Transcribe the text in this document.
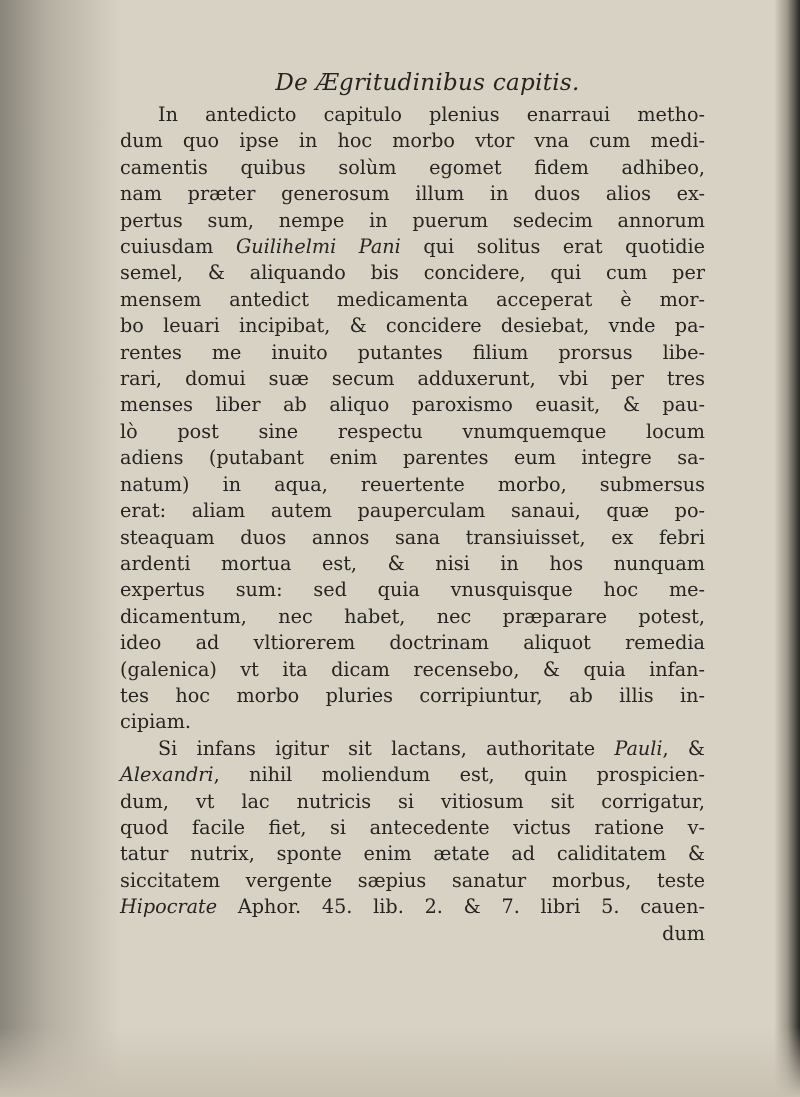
De Ægritudinibus capitis.
In antedicto capitulo plenius enarraui metho-
dum quo ipse in hoc morbo vtor vna cum medi-
camentis quibus solùm egomet fidem adhibeo,
nam præter generosum illum in duos alios ex-
pertus sum, nempe in puerum sedecim annorum
cuiusdam Guilihelmi Pani qui solitus erat quotidie
semel, & aliquando bis concidere, qui cum per
mensem antedict medicamenta acceperat è mor-
bo leuari incipibat, & concidere desiebat, vnde pa-
rentes me inuito putantes filium prorsus libe-
rari, domui suæ secum adduxerunt, vbi per tres
menses liber ab aliquo paroxismo euasit, & pau-
lò post sine respectu vnumquemque locum
adiens (putabant enim parentes eum integre sa-
natum) in aqua, reuertente morbo, submersus
erat: aliam autem pauperculam sanaui, quæ po-
steaquam duos annos sana transiuisset, ex febri
ardenti mortua est, & nisi in hos nunquam
expertus sum: sed quia vnusquisque hoc me-
dicamentum, nec habet, nec præparare potest,
ideo ad vltiorerem doctrinam aliquot remedia
(galenica) vt ita dicam recensebo, & quia infan-
tes hoc morbo pluries corripiuntur, ab illis in-
cipiam.
Si infans igitur sit lactans, authoritate Pauli, &
Alexandri, nihil moliendum est, quin prospicien-
dum, vt lac nutricis si vitiosum sit corrigatur,
quod facile fiet, si antecedente victus ratione v-
tatur nutrix, sponte enim ætate ad caliditatem &
siccitatem vergente sæpius sanatur morbus, teste
Hipocrate Aphor. 45. lib. 2. & 7. libri 5. cauen-
dum
